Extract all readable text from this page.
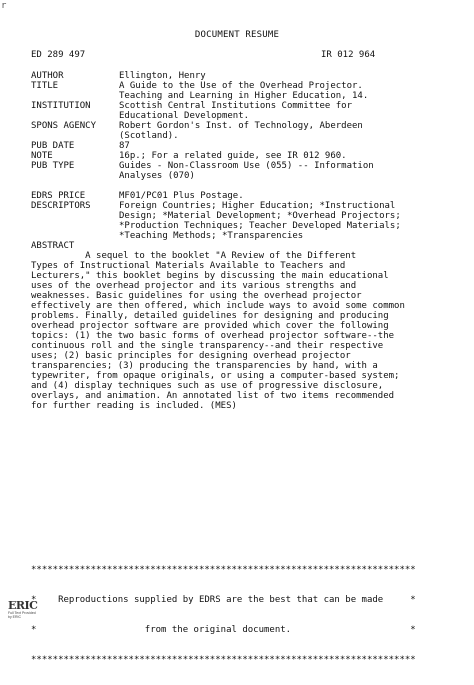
r
DOCUMENT RESUME
ED 289 497	IR 012 964
AUTHOR	Ellington, Henry
TITLE	A Guide to the Use of the Overhead Projector.
Teaching and Learning in Higher Education, 14.
INSTITUTION	Scottish Central Institutions Committee for
Educational Development.
SPONS AGENCY	Robert Gordon's Inst. of Technology, Aberdeen
(Scotland).
PUB DATE	87
NOTE	16p.; For a related guide, see IR 012 960.
PUB TYPE	Guides - Non-Classroom Use (055) -- Information
Analyses (070)
EDRS PRICE	MF01/PC01 Plus Postage.
DESCRIPTORS	Foreign Countries; Higher Education; *Instructional
Design; *Material Development; *Overhead Projectors;
*Production Techniques; Teacher Developed Materials;
*Teaching Methods; *Transparencies
ABSTRACT
A sequel to the booklet "A Review of the Different
Types of Instructional Materials Available to Teachers and
Lecturers," this booklet begins by discussing the main educational
uses of the overhead projector and its various strengths and
weaknesses. Basic guidelines for using the overhead projector
effectively are then offered, which include ways to avoid some common
problems. Finally, detailed guidelines for designing and producing
overhead projector software are provided which cover the following
topics: (1) the two basic forms of overhead projector software--the
continuous roll and the single transparency--and their respective
uses; (2) basic principles for designing overhead projector
transparencies; (3) producing the transparencies by hand, with a
typewriter, from opaque originals, or using a computer-based system;
and (4) display techniques such as use of progressive disclosure,
overlays, and animation. An annotated list of two items recommended
for further reading is included. (MES)

***********************************************************************

*    Reproductions supplied by EDRS are the best that can be made     *

*                    from the original document.                      *

***********************************************************************

ERIC
Full Text Provided by ERIC
